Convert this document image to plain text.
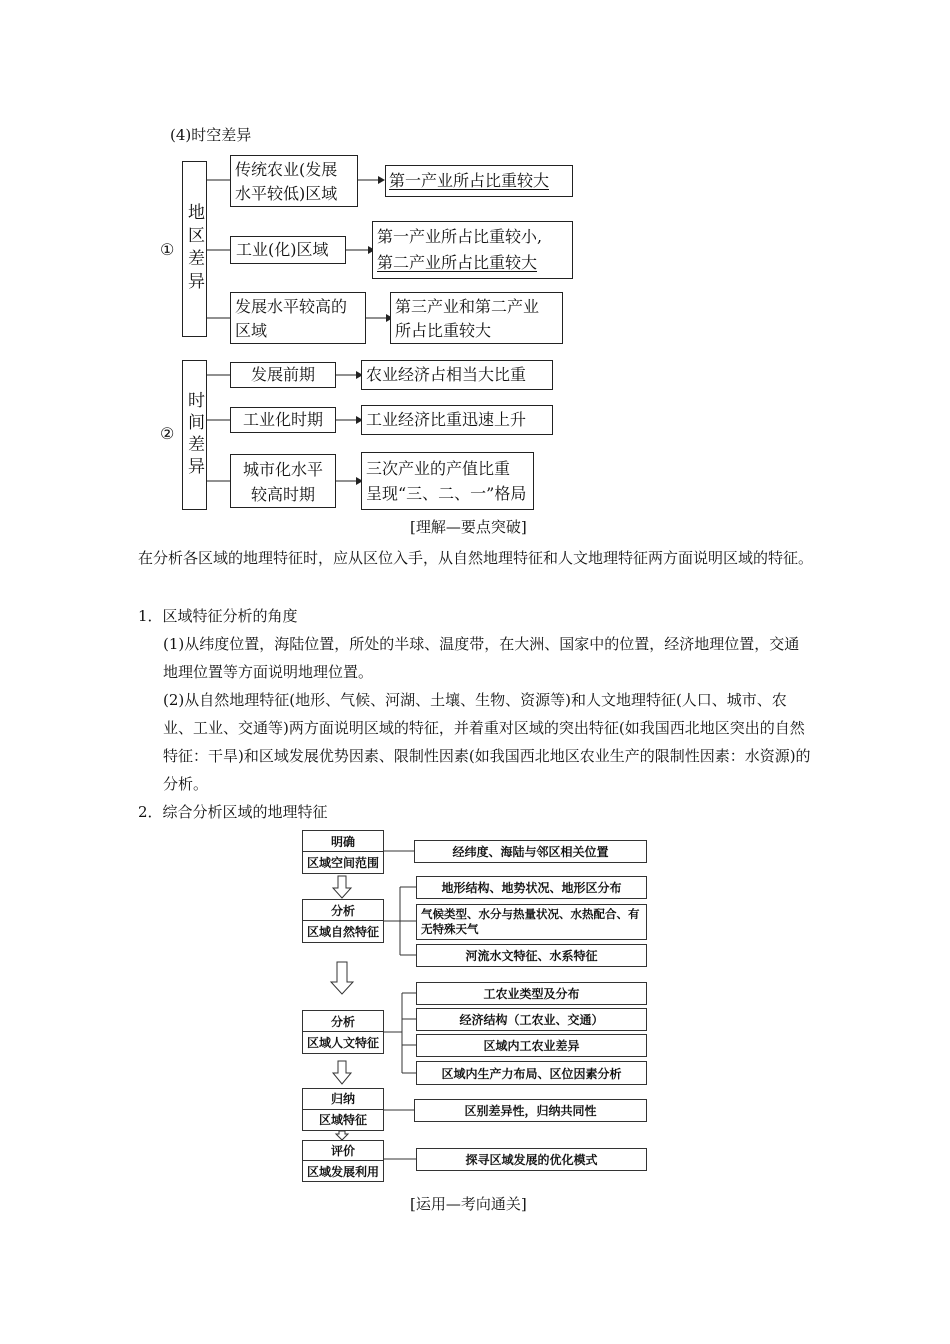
(4)时空差异
① 地区差异
传统农业(发展
水平较低)区域
第一产业所占比重较大
工业(化)区域
第一产业所占比重较小,
第二产业所占比重较大
发展水平较高的
区域
第三产业和第二产业
所占比重较大
② 时间差异
发展前期	农业经济占相当大比重
工业化时期	工业经济比重迅速上升
城市化水平
较高时期
三次产业的产值比重
呈现“三、二、一”格局
[理解—要点突破]
在分析各区域的地理特征时，应从区位入手，从自然地理特征和人文地理特征两方面说明区域的特征。
1．区域特征分析的角度
(1)从纬度位置，海陆位置，所处的半球、温度带，在大洲、国家中的位置，经济地理位置，交通地理位置等方面说明地理位置。
(2)从自然地理特征(地形、气候、河湖、土壤、生物、资源等)和人文地理特征(人口、城市、农业、工业、交通等)两方面说明区域的特征，并着重对区域的突出特征(如我国西北地区突出的自然特征：干旱)和区域发展优势因素、限制性因素(如我国西北地区农业生产的限制性因素：水资源)的分析。
2．综合分析区域的地理特征
明确
区域空间范围
分析
区域自然特征
分析
区域人文特征
归纳
区域特征
评价
区域发展利用
经纬度、海陆与邻区相关位置
地形结构、地势状况、地形区分布
气候类型、水分与热量状况、水热配合、有无特殊天气
河流水文特征、水系特征
工农业类型及分布
经济结构（工农业、交通）
区域内工农业差异
区域内生产力布局、区位因素分析
区别差异性，归纳共同性
探寻区域发展的优化模式
[运用—考向通关]
